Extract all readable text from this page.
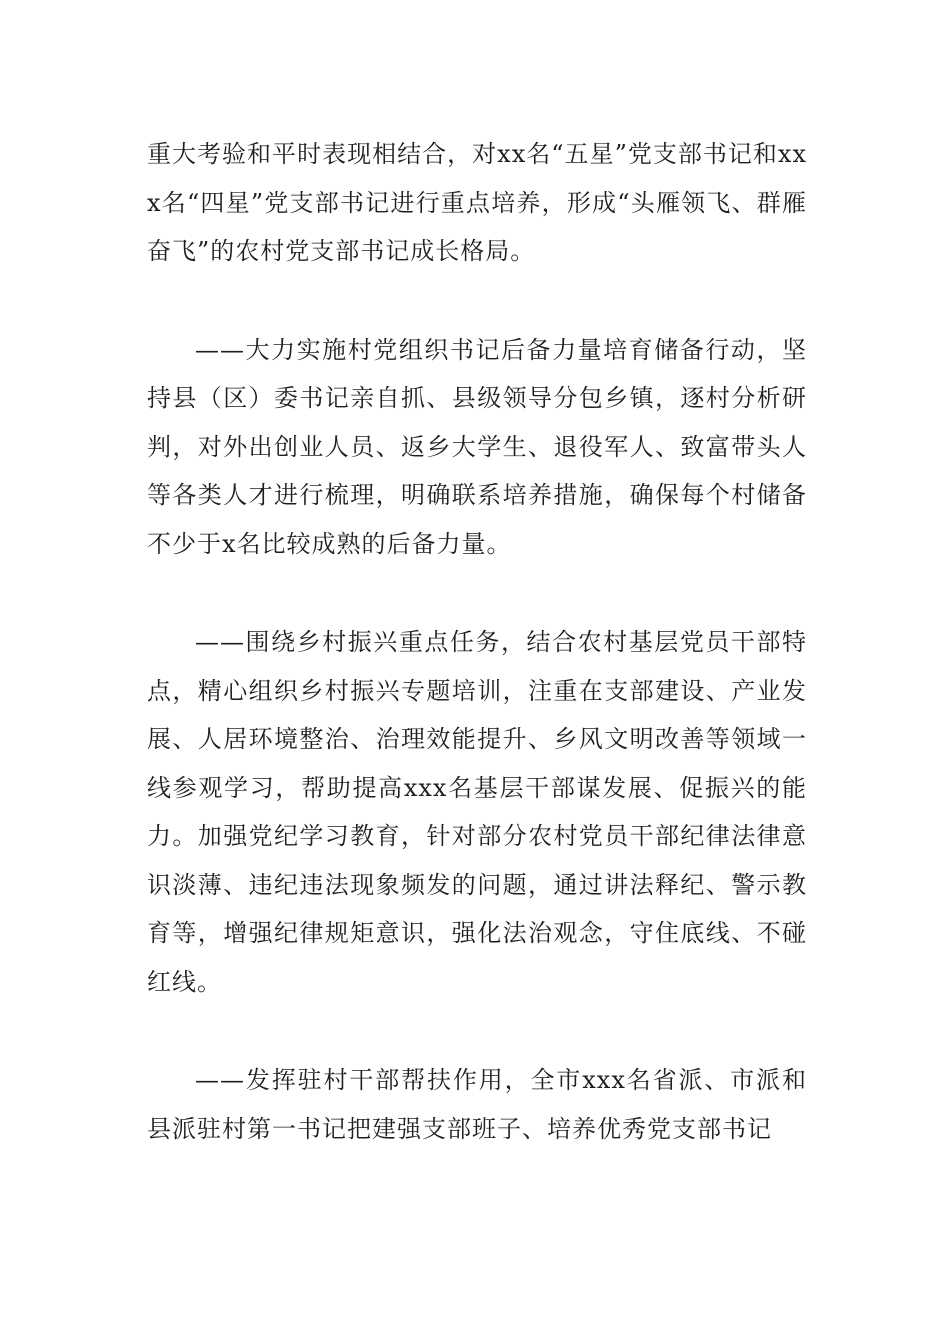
重大考验和平时表现相结合，对xx名“五星”党支部书记和xxx名“四星”党支部书记进行重点培养，形成“头雁领飞、群雁奋飞”的农村党支部书记成长格局。

——大力实施村党组织书记后备力量培育储备行动，坚持县（区）委书记亲自抓、县级领导分包乡镇，逐村分析研判，对外出创业人员、返乡大学生、退役军人、致富带头人等各类人才进行梳理，明确联系培养措施，确保每个村储备不少于x名比较成熟的后备力量。

——围绕乡村振兴重点任务，结合农村基层党员干部特点，精心组织乡村振兴专题培训，注重在支部建设、产业发展、人居环境整治、治理效能提升、乡风文明改善等领域一线参观学习，帮助提高xxx名基层干部谋发展、促振兴的能力。加强党纪学习教育，针对部分农村党员干部纪律法律意识淡薄、违纪违法现象频发的问题，通过讲法释纪、警示教育等，增强纪律规矩意识，强化法治观念，守住底线、不碰红线。

——发挥驻村干部帮扶作用，全市xxx名省派、市派和县派驻村第一书记把建强支部班子、培养优秀党支部书记
